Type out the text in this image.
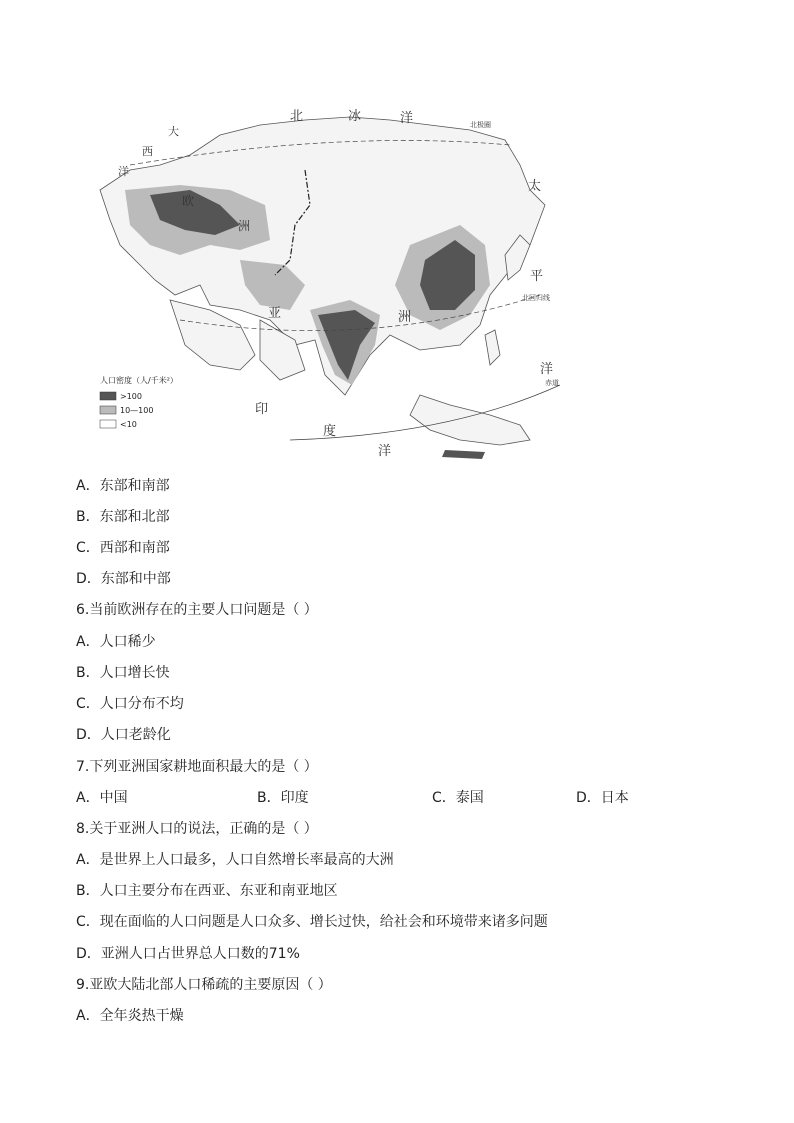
北	冰	洋	北极圈
大
西
洋
欧
洲
亚	洲
太
平
洋
北回归线
赤道
印
度
洋
人口密度（人/千米²）
>100
10—100
<10
A．东部和南部
B．东部和北部
C．西部和南部
D．东部和中部
6.当前欧洲存在的主要人口问题是（ ）
A．人口稀少
B．人口增长快
C．人口分布不均
D．人口老龄化
7.下列亚洲国家耕地面积最大的是（ ）
A．中国	B．印度	C．泰国	D．日本
8.关于亚洲人口的说法，正确的是（ ）
A．是世界上人口最多，人口自然增长率最高的大洲
B．人口主要分布在西亚、东亚和南亚地区
C．现在面临的人口问题是人口众多、增长过快，给社会和环境带来诸多问题
D．亚洲人口占世界总人口数的71%
9.亚欧大陆北部人口稀疏的主要原因（ ）
A．全年炎热干燥
